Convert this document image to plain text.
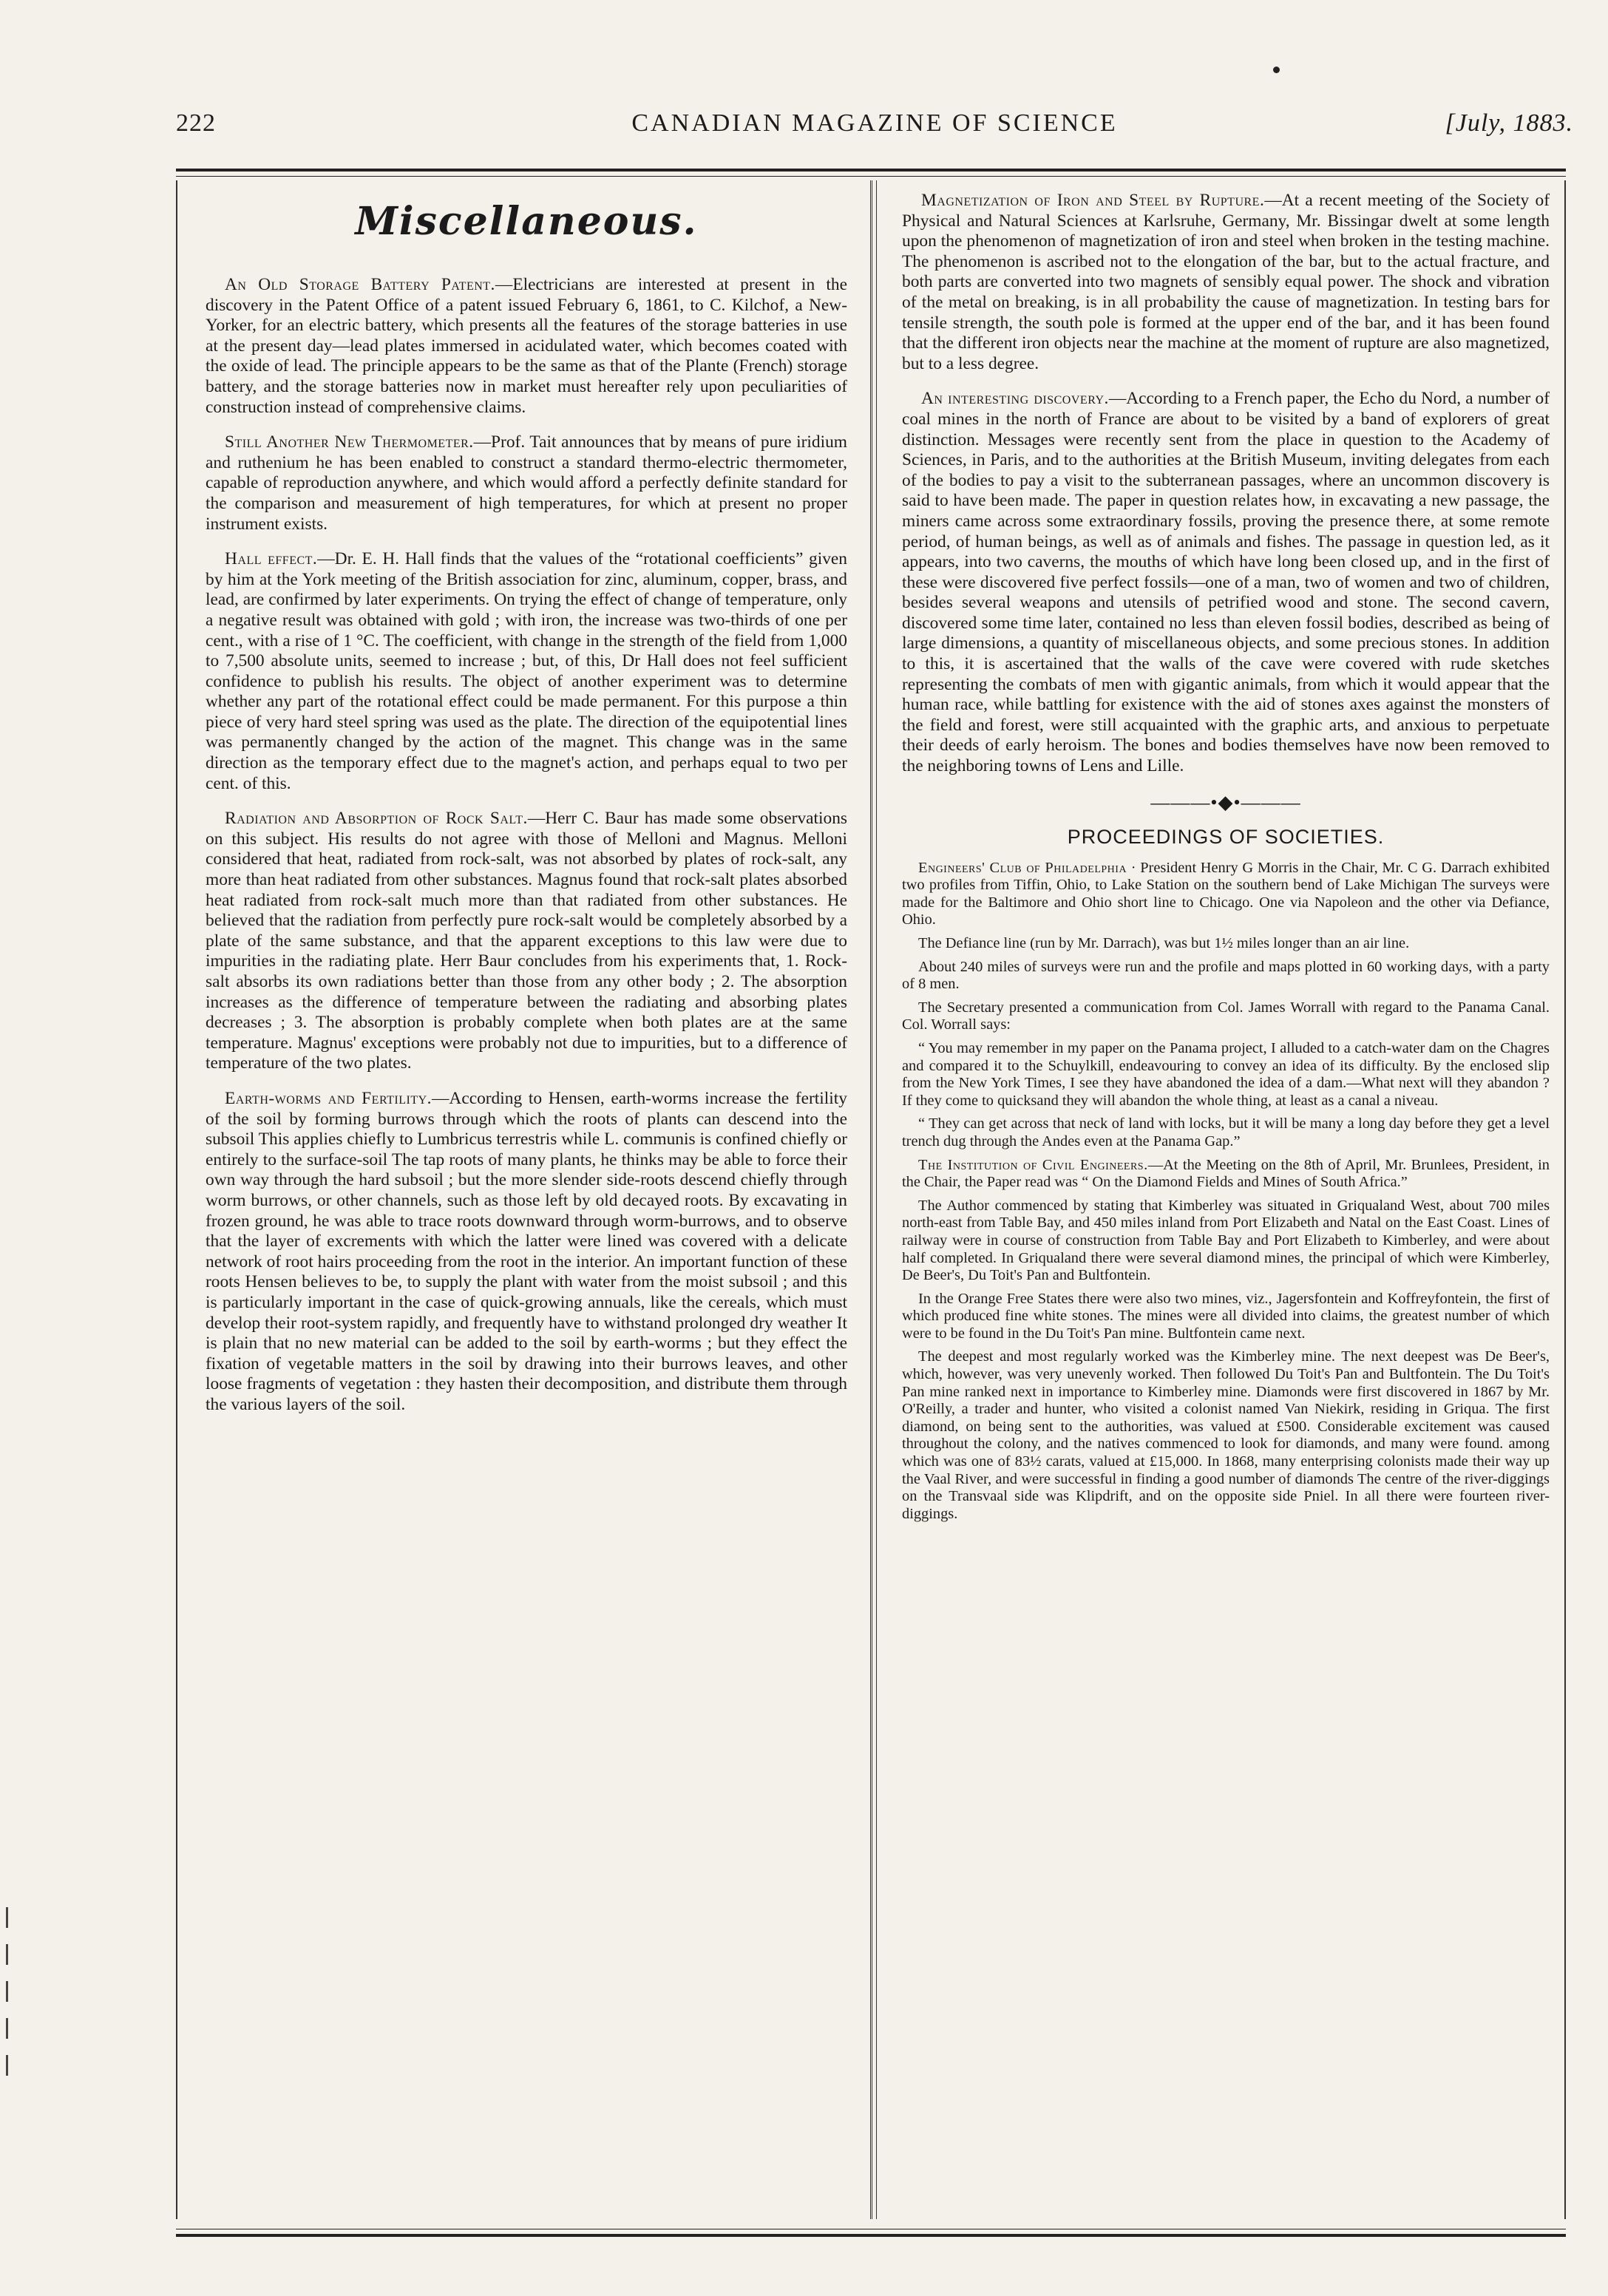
222	CANADIAN MAGAZINE OF SCIENCE	[July, 1883.
Miscellaneous.

An Old Storage Battery Patent.—Electricians are interested at present in the discovery in the Patent Office of a patent issued February 6, 1861, to C. Kilchof, a New-Yorker, for an electric battery, which presents all the features of the storage batteries in use at the present day—lead plates immersed in acidulated water, which becomes coated with the oxide of lead. The principle appears to be the same as that of the Plante (French) storage battery, and the storage batteries now in market must hereafter rely upon peculiarities of construction instead of comprehensive claims.

Still Another New Thermometer.—Prof. Tait announces that by means of pure iridium and ruthenium he has been enabled to construct a standard thermo-electric thermometer, capable of reproduction anywhere, and which would afford a perfectly definite standard for the comparison and measurement of high temperatures, for which at present no proper instrument exists.

Hall effect.—Dr. E. H. Hall finds that the values of the “rotational coefficients” given by him at the York meeting of the British association for zinc, aluminum, copper, brass, and lead, are confirmed by later experiments. On trying the effect of change of temperature, only a negative result was obtained with gold ; with iron, the increase was two-thirds of one per cent., with a rise of 1 °C. The coefficient, with change in the strength of the field from 1,000 to 7,500 absolute units, seemed to increase ; but, of this, Dr Hall does not feel sufficient confidence to publish his results. The object of another experiment was to determine whether any part of the rotational effect could be made permanent. For this purpose a thin piece of very hard steel spring was used as the plate. The direction of the equipotential lines was permanently changed by the action of the magnet. This change was in the same direction as the temporary effect due to the magnet's action, and perhaps equal to two per cent. of this.

Radiation and Absorption of Rock Salt.—Herr C. Baur has made some observations on this subject. His results do not agree with those of Melloni and Magnus. Melloni considered that heat, radiated from rock-salt, was not absorbed by plates of rock-salt, any more than heat radiated from other substances. Magnus found that rock-salt plates absorbed heat radiated from rock-salt much more than that radiated from other substances. He believed that the radiation from perfectly pure rock-salt would be completely absorbed by a plate of the same substance, and that the apparent exceptions to this law were due to impurities in the radiating plate. Herr Baur concludes from his experiments that, 1. Rock-salt absorbs its own radiations better than those from any other body ; 2. The absorption increases as the difference of temperature between the radiating and absorbing plates decreases ; 3. The absorption is probably complete when both plates are at the same temperature. Magnus' exceptions were probably not due to impurities, but to a difference of temperature of the two plates.

Earth-worms and Fertility.—According to Hensen, earth-worms increase the fertility of the soil by forming burrows through which the roots of plants can descend into the subsoil This applies chiefly to Lumbricus terrestris while L. communis is confined chiefly or entirely to the surface-soil The tap roots of many plants, he thinks may be able to force their own way through the hard subsoil ; but the more slender side-roots descend chiefly through worm burrows, or other channels, such as those left by old decayed roots. By excavating in frozen ground, he was able to trace roots downward through worm-burrows, and to observe that the layer of excrements with which the latter were lined was covered with a delicate network of root hairs proceeding from the root in the interior. An important function of these roots Hensen believes to be, to supply the plant with water from the moist subsoil ; and this is particularly important in the case of quick-growing annuals, like the cereals, which must develop their root-system rapidly, and frequently have to withstand prolonged dry weather It is plain that no new material can be added to the soil by earth-worms ; but they effect the fixation of vegetable matters in the soil by drawing into their burrows leaves, and other loose fragments of vegetation : they hasten their decomposition, and distribute them through the various layers of the soil.

Magnetization of Iron and Steel by Rupture.—At a recent meeting of the Society of Physical and Natural Sciences at Karlsruhe, Germany, Mr. Bissingar dwelt at some length upon the phenomenon of magnetization of iron and steel when broken in the testing machine. The phenomenon is ascribed not to the elongation of the bar, but to the actual fracture, and both parts are converted into two magnets of sensibly equal power. The shock and vibration of the metal on breaking, is in all probability the cause of magnetization. In testing bars for tensile strength, the south pole is formed at the upper end of the bar, and it has been found that the different iron objects near the machine at the moment of rupture are also magnetized, but to a less degree.

An interesting discovery.—According to a French paper, the Echo du Nord, a number of coal mines in the north of France are about to be visited by a band of explorers of great distinction. Messages were recently sent from the place in question to the Academy of Sciences, in Paris, and to the authorities at the British Museum, inviting delegates from each of the bodies to pay a visit to the subterranean passages, where an uncommon discovery is said to have been made. The paper in question relates how, in excavating a new passage, the miners came across some extraordinary fossils, proving the presence there, at some remote period, of human beings, as well as of animals and fishes. The passage in question led, as it appears, into two caverns, the mouths of which have long been closed up, and in the first of these were discovered five perfect fossils—one of a man, two of women and two of children, besides several weapons and utensils of petrified wood and stone. The second cavern, discovered some time later, contained no less than eleven fossil bodies, described as being of large dimensions, a quantity of miscellaneous objects, and some precious stones. In addition to this, it is ascertained that the walls of the cave were covered with rude sketches representing the combats of men with gigantic animals, from which it would appear that the human race, while battling for existence with the aid of stones axes against the monsters of the field and forest, were still acquainted with the graphic arts, and anxious to perpetuate their deeds of early heroism. The bones and bodies themselves have now been removed to the neighboring towns of Lens and Lille.

———•◆•———
PROCEEDINGS OF SOCIETIES.

Engineers' Club of Philadelphia · President Henry G Morris in the Chair, Mr. C G. Darrach exhibited two profiles from Tiffin, Ohio, to Lake Station on the southern bend of Lake Michigan The surveys were made for the Baltimore and Ohio short line to Chicago. One via Napoleon and the other via Defiance, Ohio.

The Defiance line (run by Mr. Darrach), was but 1½ miles longer than an air line.

About 240 miles of surveys were run and the profile and maps plotted in 60 working days, with a party of 8 men.

The Secretary presented a communication from Col. James Worrall with regard to the Panama Canal. Col. Worrall says:

“ You may remember in my paper on the Panama project, I alluded to a catch-water dam on the Chagres and compared it to the Schuylkill, endeavouring to convey an idea of its difficulty. By the enclosed slip from the New York Times, I see they have abandoned the idea of a dam.—What next will they abandon ? If they come to quicksand they will abandon the whole thing, at least as a canal a niveau.

“ They can get across that neck of land with locks, but it will be many a long day before they get a level trench dug through the Andes even at the Panama Gap.”

The Institution of Civil Engineers.—At the Meeting on the 8th of April, Mr. Brunlees, President, in the Chair, the Paper read was “ On the Diamond Fields and Mines of South Africa.”

The Author commenced by stating that Kimberley was situated in Griqualand West, about 700 miles north-east from Table Bay, and 450 miles inland from Port Elizabeth and Natal on the East Coast. Lines of railway were in course of construction from Table Bay and Port Elizabeth to Kimberley, and were about half completed. In Griqualand there were several diamond mines, the principal of which were Kimberley, De Beer's, Du Toit's Pan and Bultfontein.

In the Orange Free States there were also two mines, viz., Jagersfontein and Koffreyfontein, the first of which produced fine white stones. The mines were all divided into claims, the greatest number of which were to be found in the Du Toit's Pan mine. Bultfontein came next.

The deepest and most regularly worked was the Kimberley mine. The next deepest was De Beer's, which, however, was very unevenly worked. Then followed Du Toit's Pan and Bultfontein. The Du Toit's Pan mine ranked next in importance to Kimberley mine. Diamonds were first discovered in 1867 by Mr. O'Reilly, a trader and hunter, who visited a colonist named Van Niekirk, residing in Griqua. The first diamond, on being sent to the authorities, was valued at £500. Considerable excitement was caused throughout the colony, and the natives commenced to look for diamonds, and many were found. among which was one of 83½ carats, valued at £15,000. In 1868, many enterprising colonists made their way up the Vaal River, and were successful in finding a good number of diamonds The centre of the river-diggings on the Transvaal side was Klipdrift, and on the opposite side Pniel. In all there were fourteen river-diggings.
